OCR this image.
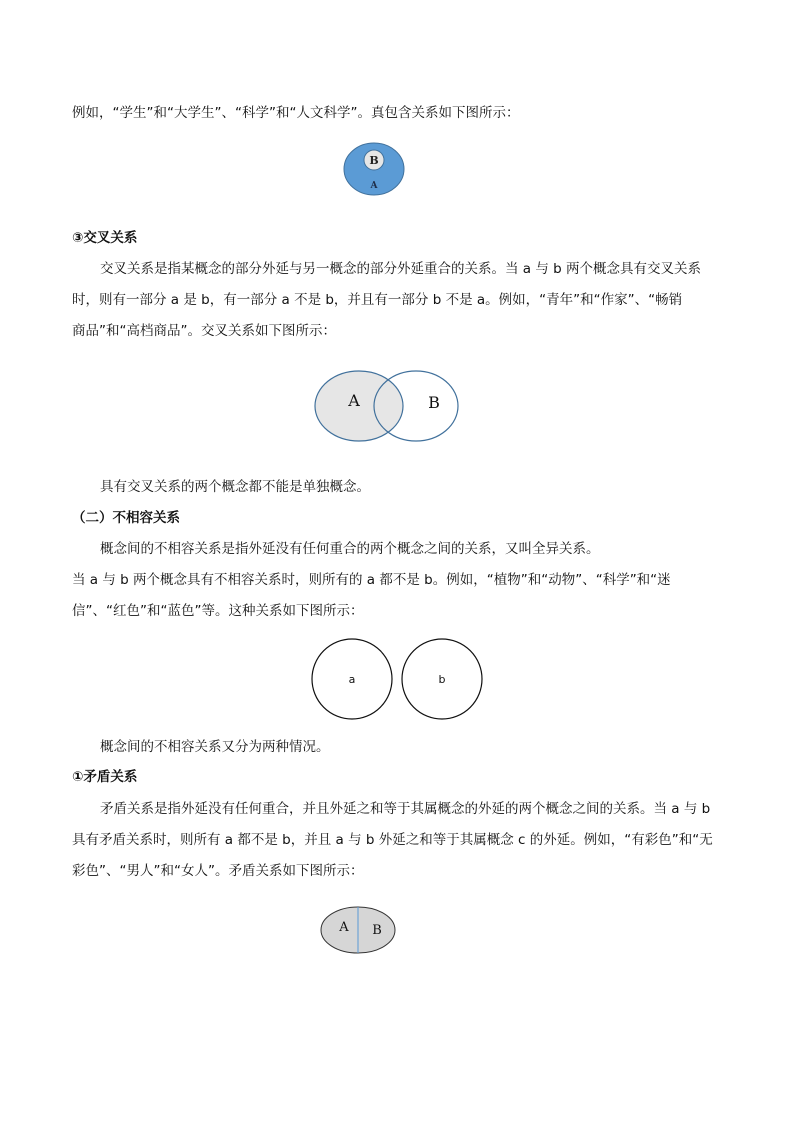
例如，“学生”和“大学生”、“科学”和“人文科学”。真包含关系如下图所示：
B
A
③交叉关系
交叉关系是指某概念的部分外延与另一概念的部分外延重合的关系。当 a 与 b 两个概念具有交叉关系
时，则有一部分 a 是 b，有一部分 a 不是 b，并且有一部分 b 不是 a。例如，“青年”和“作家”、“畅销
商品”和“高档商品”。交叉关系如下图所示：
A	B
具有交叉关系的两个概念都不能是单独概念。
（二）不相容关系
概念间的不相容关系是指外延没有任何重合的两个概念之间的关系，又叫全异关系。
当 a 与 b 两个概念具有不相容关系时，则所有的 a 都不是 b。例如，“植物”和“动物”、“科学”和“迷
信”、“红色”和“蓝色”等。这种关系如下图所示：
a	b
概念间的不相容关系又分为两种情况。
①矛盾关系
矛盾关系是指外延没有任何重合，并且外延之和等于其属概念的外延的两个概念之间的关系。当 a 与 b
具有矛盾关系时，则所有 a 都不是 b，并且 a 与 b 外延之和等于其属概念 c 的外延。例如，“有彩色”和“无
彩色”、“男人”和“女人”。矛盾关系如下图所示：
A B
